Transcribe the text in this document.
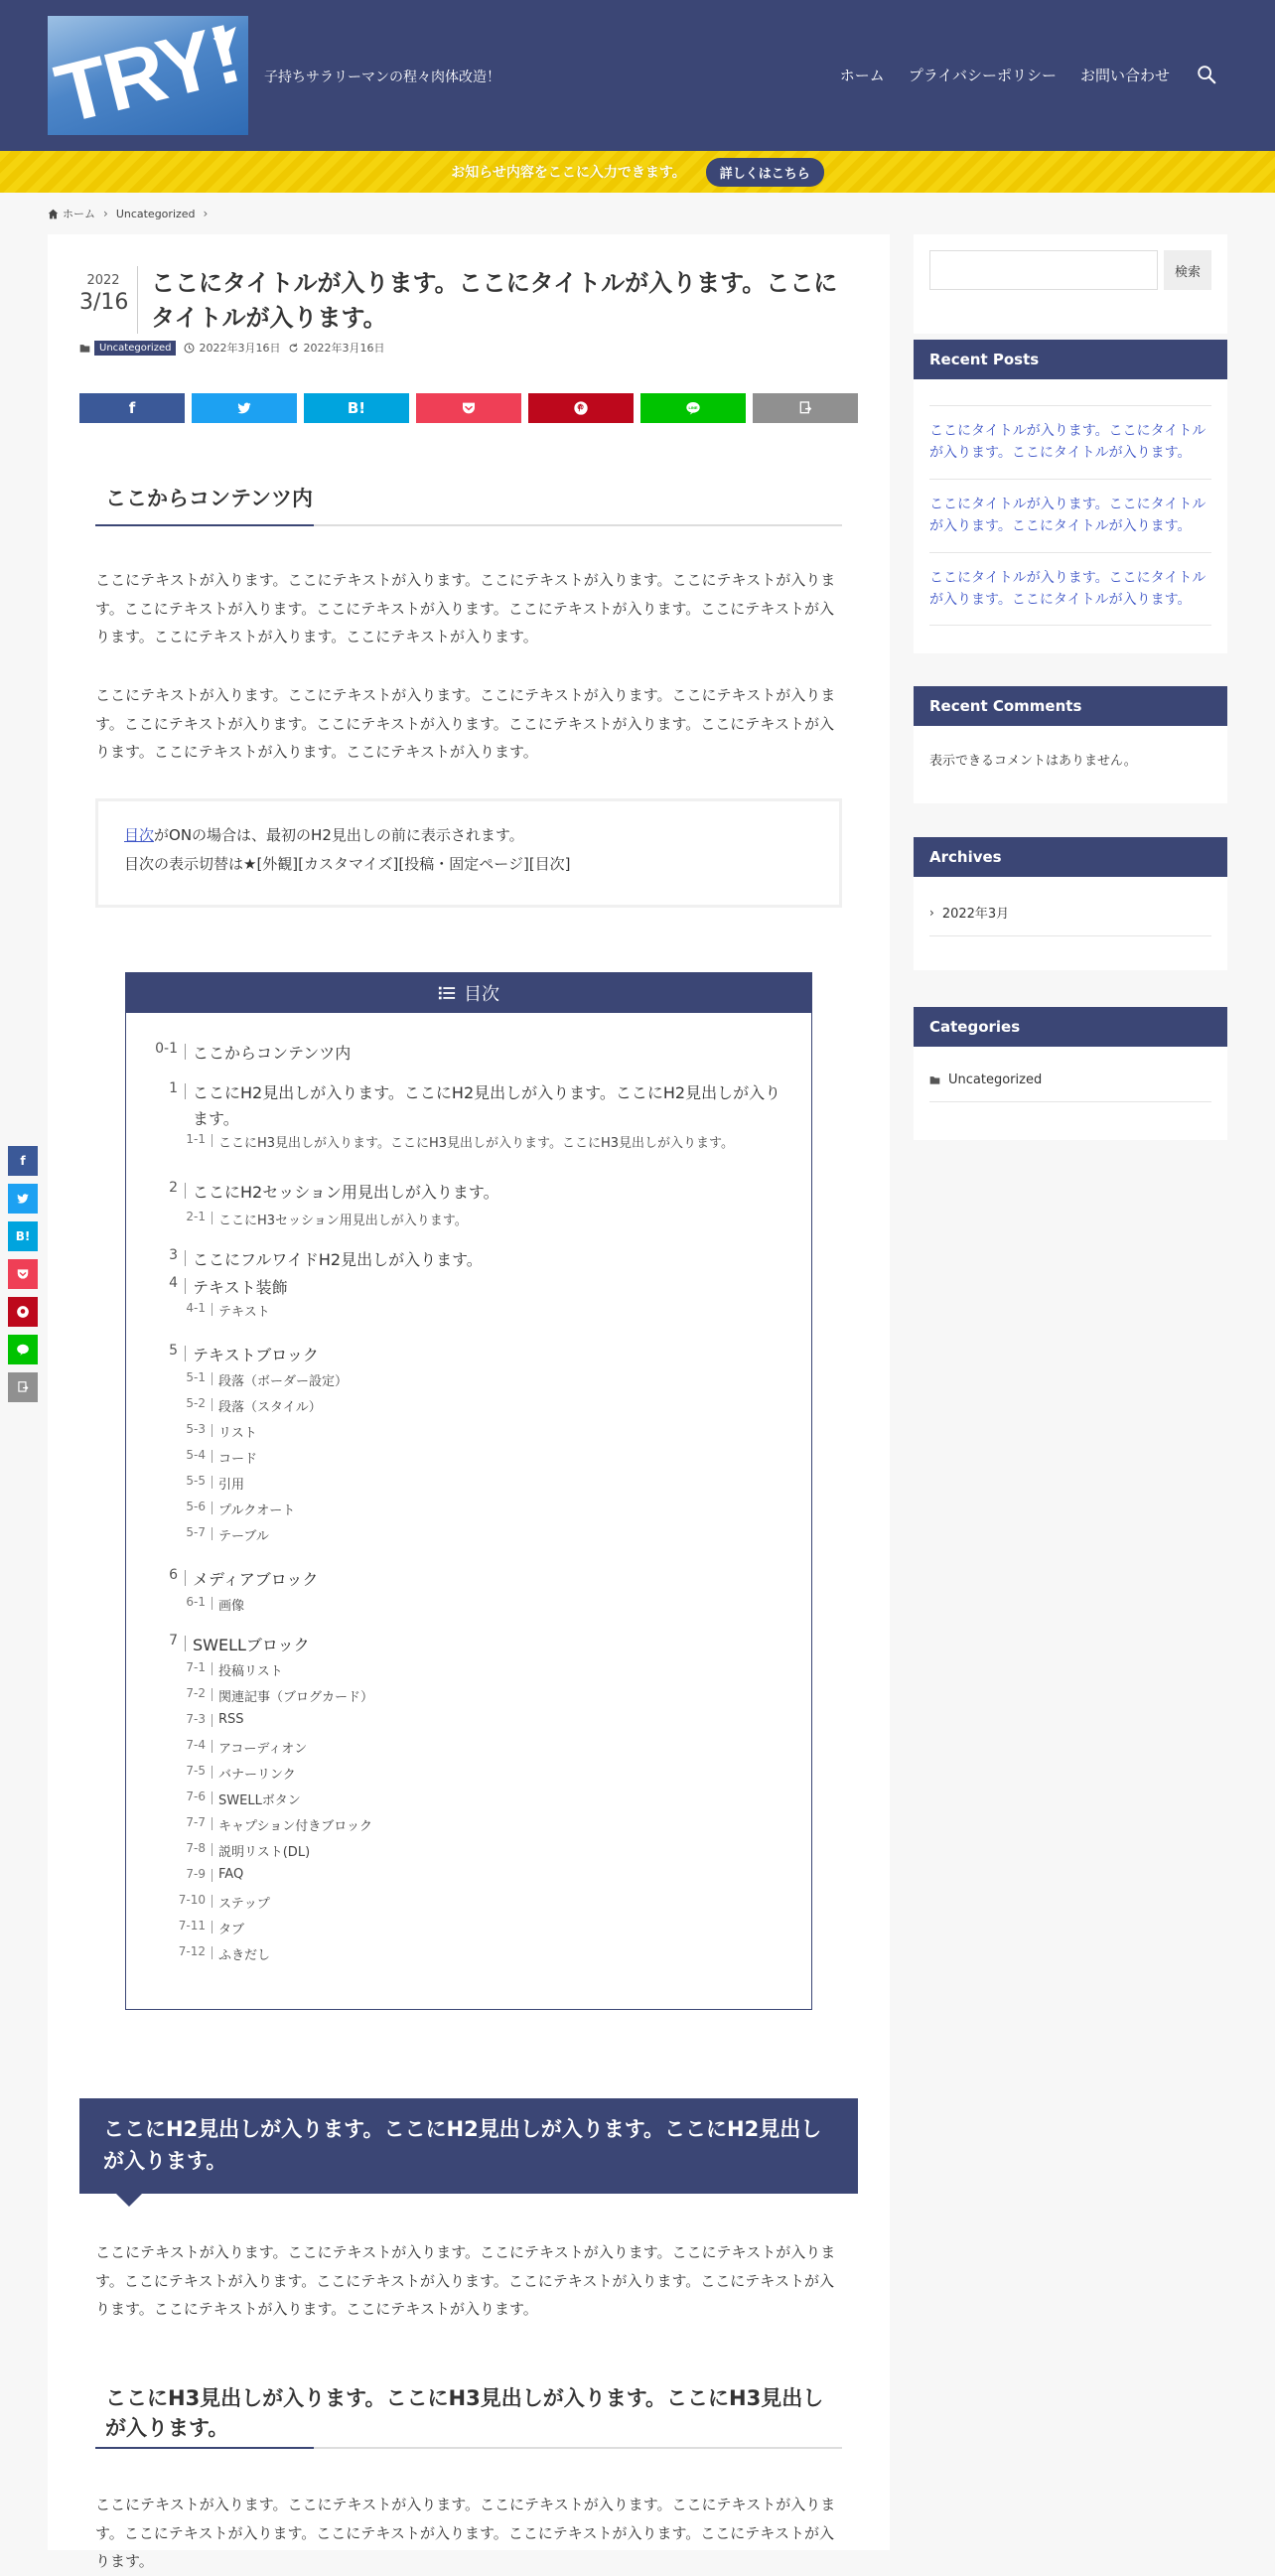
TRY! 子持ちサラリーマンの程々肉体改造！	ホーム プライバシーポリシー お問い合わせ
お知らせ内容をここに入力できます。	詳しくはこちら
ホーム › Uncategorized ›
2022
3/16
ここにタイトルが入ります。ここにタイトルが入ります。ここにタイトルが入ります。
Uncategorized	2022年3月16日 2022年3月16日
f	B!	LINE
ここからコンテンツ内

ここにテキストが入ります。ここにテキストが入ります。ここにテキストが入ります。ここにテキストが入ります。ここにテキストが入ります。ここにテキストが入ります。ここにテキストが入ります。ここにテキストが入ります。ここにテキストが入ります。ここにテキストが入ります。

ここにテキストが入ります。ここにテキストが入ります。ここにテキストが入ります。ここにテキストが入ります。ここにテキストが入ります。ここにテキストが入ります。ここにテキストが入ります。ここにテキストが入ります。ここにテキストが入ります。ここにテキストが入ります。

目次がONの場合は、最初のH2見出しの前に表示されます。
目次の表示切替は★[外観][カスタマイズ][投稿・固定ページ][目次]
目次
0-1 ここからコンテンツ内
1 ここにH2見出しが入ります。ここにH2見出しが入ります。ここにH2見出しが入ります。
1-1 ここにH3見出しが入ります。ここにH3見出しが入ります。ここにH3見出しが入ります。
2 ここにH2セッション用見出しが入ります。
2-1 ここにH3セッション用見出しが入ります。
3 ここにフルワイドH2見出しが入ります。
4 テキスト装飾
4-1 テキスト
5 テキストブロック
5-1 段落（ボーダー設定）
5-2 段落（スタイル）
5-3 リスト
5-4 コード
5-5 引用
5-6 プルクオート
5-7 テーブル
6 メディアブロック
6-1 画像
7 SWELLブロック
7-1 投稿リスト
7-2 関連記事（ブログカード）
7-3 RSS
7-4 アコーディオン
7-5 バナーリンク
7-6 SWELLボタン
7-7 キャプション付きブロック
7-8 説明リスト(DL)
7-9 FAQ
7-10 ステップ
7-11 タブ
7-12 ふきだし
ここにH2見出しが入ります。ここにH2見出しが入ります。ここにH2見出しが入ります。

ここにテキストが入ります。ここにテキストが入ります。ここにテキストが入ります。ここにテキストが入ります。ここにテキストが入ります。ここにテキストが入ります。ここにテキストが入ります。ここにテキストが入ります。ここにテキストが入ります。ここにテキストが入ります。

ここにH3見出しが入ります。ここにH3見出しが入ります。ここにH3見出しが入ります。

ここにテキストが入ります。ここにテキストが入ります。ここにテキストが入ります。ここにテキストが入ります。ここにテキストが入ります。ここにテキストが入ります。ここにテキストが入ります。ここにテキストが入ります。

検索
Recent Posts
ここにタイトルが入ります。ここにタイトルが入ります。ここにタイトルが入ります。
ここにタイトルが入ります。ここにタイトルが入ります。ここにタイトルが入ります。
ここにタイトルが入ります。ここにタイトルが入ります。ここにタイトルが入ります。
Recent Comments
表示できるコメントはありません。
Archives
› 2022年3月
Categories
Uncategorized
f
B!
